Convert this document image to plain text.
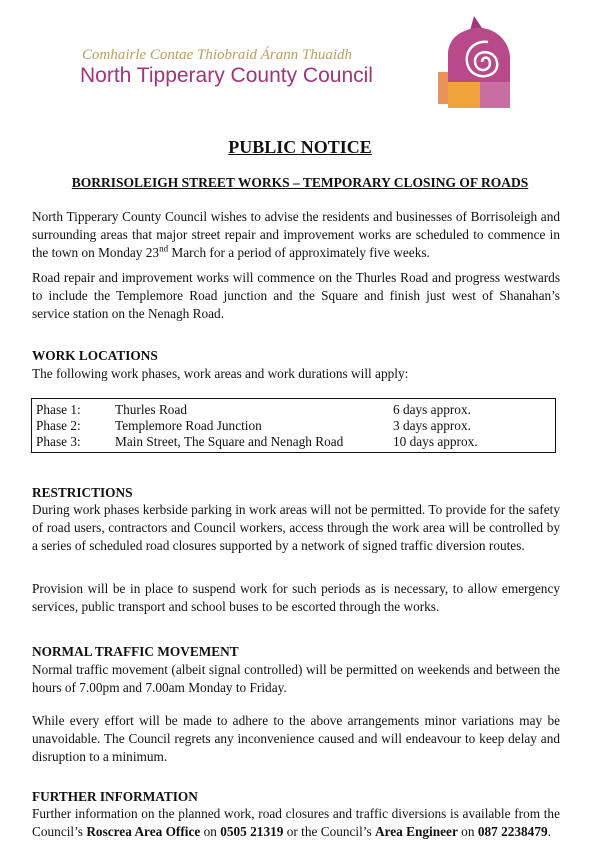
Comhairle Contae Thiobraid Árann Thuaidh
North Tipperary County Council
PUBLIC NOTICE
BORRISOLEIGH STREET WORKS – TEMPORARY CLOSING OF ROADS

North Tipperary County Council wishes to advise the residents and businesses of Borrisoleigh and surrounding areas that major street repair and improvement works are scheduled to commence in the town on Monday 23nd March for a period of approximately five weeks.

Road repair and improvement works will commence on the Thurles Road and progress westwards to include the Templemore Road junction and the Square and finish just west of Shanahan’s service station on the Nenagh Road.

WORK LOCATIONS

The following work phases, work areas and work durations will apply:

Phase 1:	Thurles Road	6 days approx.
Phase 2:	Templemore Road Junction	3 days approx.
Phase 3:	Main Street, The Square and Nenagh Road	10 days approx.
RESTRICTIONS

During work phases kerbside parking in work areas will not be permitted. To provide for the safety of road users, contractors and Council workers, access through the work area will be controlled by a series of scheduled road closures supported by a network of signed traffic diversion routes.

Provision will be in place to suspend work for such periods as is necessary, to allow emergency services, public transport and school buses to be escorted through the works.

NORMAL TRAFFIC MOVEMENT

Normal traffic movement (albeit signal controlled) will be permitted on weekends and between the hours of 7.00pm and 7.00am Monday to Friday.

While every effort will be made to adhere to the above arrangements minor variations may be unavoidable. The Council regrets any inconvenience caused and will endeavour to keep delay and disruption to a minimum.

FURTHER INFORMATION

Further information on the planned work, road closures and traffic diversions is available from the Council’s Roscrea Area Office on 0505 21319 or the Council’s Area Engineer on 087 2238479.
